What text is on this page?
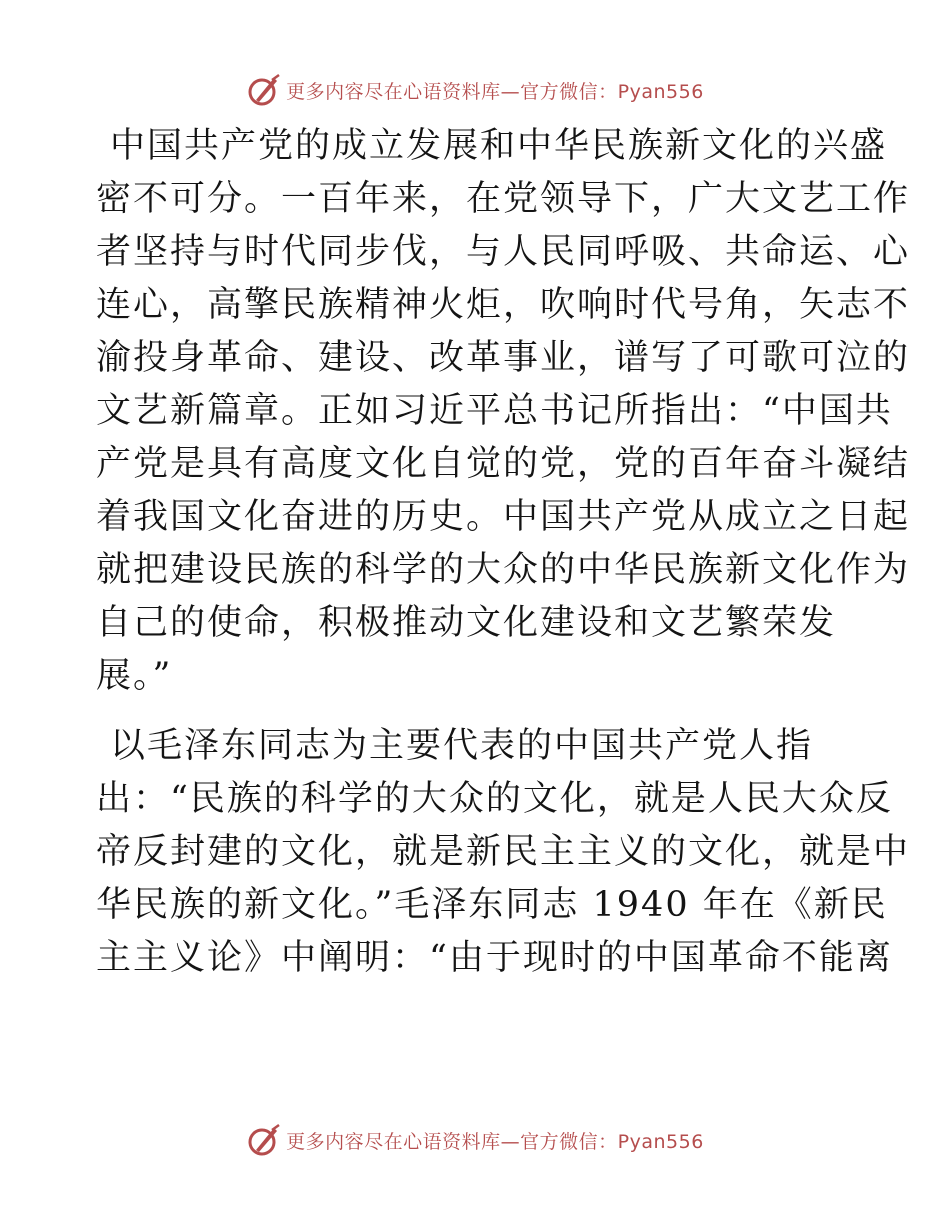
更多内容尽在心语资料库—官方微信：Pyan556
中国共产党的成立发展和中华民族新文化的兴盛
密不可分。一百年来，在党领导下，广大文艺工作
者坚持与时代同步伐，与人民同呼吸、共命运、心
连心，高擎民族精神火炬，吹响时代号角，矢志不
渝投身革命、建设、改革事业，谱写了可歌可泣的
文艺新篇章。正如习近平总书记所指出：“中国共
产党是具有高度文化自觉的党，党的百年奋斗凝结
着我国文化奋进的历史。中国共产党从成立之日起
就把建设民族的科学的大众的中华民族新文化作为
自己的使命，积极推动文化建设和文艺繁荣发
展。”
以毛泽东同志为主要代表的中国共产党人指
出：“民族的科学的大众的文化，就是人民大众反
帝反封建的文化，就是新民主主义的文化，就是中
华民族的新文化。”毛泽东同志 1940 年在《新民
主主义论》中阐明：“由于现时的中国革命不能离
更多内容尽在心语资料库—官方微信：Pyan556
